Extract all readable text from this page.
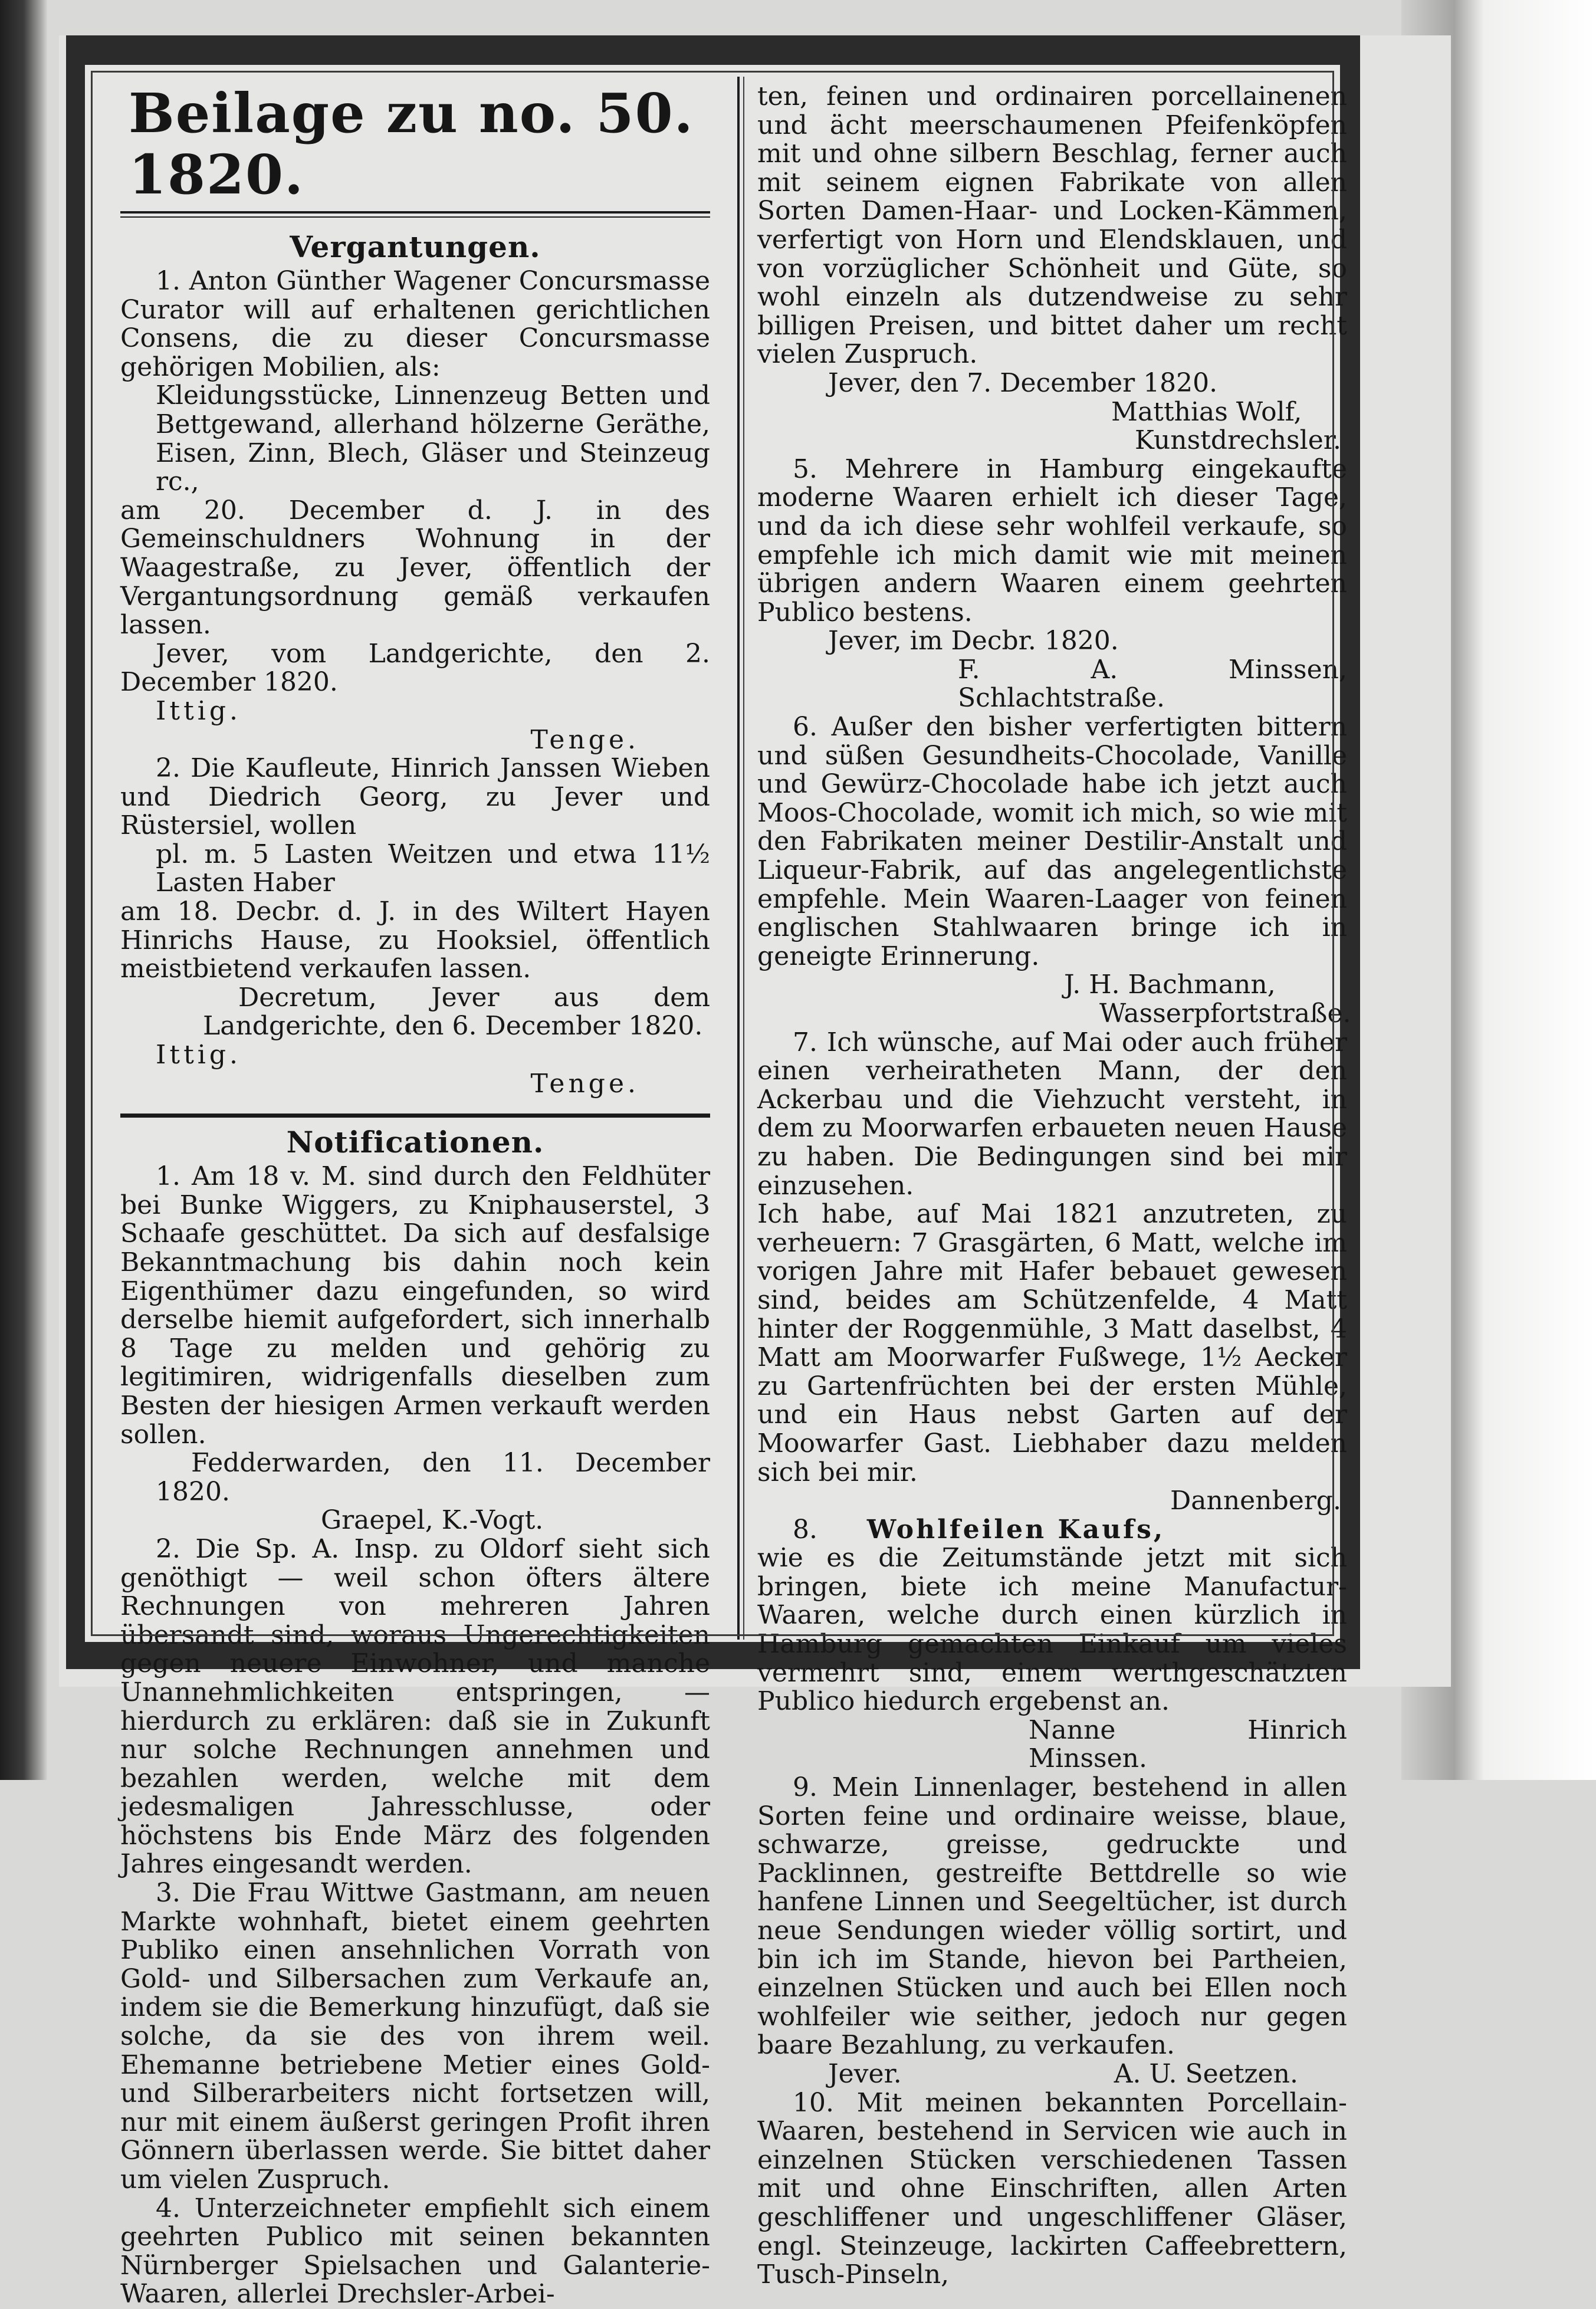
Beilage zu no. 50. 1820.
Vergantungen.

1. Anton Günther Wagener Concursmasse Curator will auf erhaltenen gerichtlichen Consens, die zu dieser Concursmasse gehörigen Mobilien, als:

Kleidungsstücke, Linnenzeug Betten und Bettgewand, allerhand hölzerne Geräthe, Eisen, Zinn, Blech, Gläser und Steinzeug rc.,

am 20. December d. J. in des Gemeinschuldners Wohnung in der Waagestraße, zu Jever, öffentlich der Vergantungsordnung gemäß verkaufen lassen.

Jever, vom Landgerichte, den 2. December 1820.

Ittig.

Tenge.

2. Die Kaufleute, Hinrich Janssen Wieben und Diedrich Georg, zu Jever und Rüstersiel, wollen

pl. m. 5 Lasten Weitzen und etwa 11½ Lasten Haber

am 18. Decbr. d. J. in des Wiltert Hayen Hinrichs Hause, zu Hooksiel, öffentlich meistbietend verkaufen lassen.

Decretum, Jever aus dem Landgerichte, den 6. December 1820.

Ittig.

Tenge.

Notificationen.

1. Am 18 v. M. sind durch den Feldhüter bei Bunke Wiggers, zu Kniphauserstel, 3 Schaafe geschüttet. Da sich auf desfalsige Bekanntmachung bis dahin noch kein Eigenthümer dazu eingefunden, so wird derselbe hiemit aufgefordert, sich innerhalb 8 Tage zu melden und gehörig zu legitimiren, widrigenfalls dieselben zum Besten der hiesigen Armen verkauft werden sollen.

Fedderwarden, den 11. December 1820.

Graepel, K.-Vogt.

2. Die Sp. A. Insp. zu Oldorf sieht sich genöthigt — weil schon öfters ältere Rechnungen von mehreren Jahren übersandt sind, woraus Ungerechtigkeiten gegen neuere Einwohner, und manche Unannehmlichkeiten entspringen, — hierdurch zu erklären: daß sie in Zukunft nur solche Rechnungen annehmen und bezahlen werden, welche mit dem jedesmaligen Jahresschlusse, oder höchstens bis Ende März des folgenden Jahres eingesandt werden.

3. Die Frau Wittwe Gastmann, am neuen Markte wohnhaft, bietet einem geehrten Publiko einen ansehnlichen Vorrath von Gold- und Silbersachen zum Verkaufe an, indem sie die Bemerkung hinzufügt, daß sie solche, da sie des von ihrem weil. Ehemanne betriebene Metier eines Gold- und Silberarbeiters nicht fortsetzen will, nur mit einem äußerst geringen Profit ihren Gönnern überlassen werde. Sie bittet daher um vielen Zuspruch.

4. Unterzeichneter empfiehlt sich einem geehrten Publico mit seinen bekannten Nürnberger Spielsachen und Galanterie-Waaren, allerlei Drechsler-Arbei-

ten, feinen und ordinairen porcellainenen und ächt meerschaumenen Pfeifenköpfen mit und ohne silbern Beschlag, ferner auch mit seinem eignen Fabrikate von allen Sorten Damen-Haar- und Locken-Kämmen, verfertigt von Horn und Elendsklauen, und von vorzüglicher Schönheit und Güte, so wohl einzeln als dutzendweise zu sehr billigen Preisen, und bittet daher um recht vielen Zuspruch.

Jever, den 7. December 1820.

Matthias Wolf,

Kunstdrechsler.

5. Mehrere in Hamburg eingekaufte moderne Waaren erhielt ich dieser Tage, und da ich diese sehr wohlfeil verkaufe, so empfehle ich mich damit wie mit meinen übrigen andern Waaren einem geehrten Publico bestens.

Jever, im Decbr. 1820.

F. A. Minssen, Schlachtstraße.

6. Außer den bisher verfertigten bittern und süßen Gesundheits-Chocolade, Vanille und Gewürz-Chocolade habe ich jetzt auch Moos-Chocolade, womit ich mich, so wie mit den Fabrikaten meiner Destilir-Anstalt und Liqueur-Fabrik, auf das angelegentlichste empfehle. Mein Waaren-Laager von feinen englischen Stahlwaaren bringe ich in geneigte Erinnerung.

J. H. Bachmann,

Wasserpfortstraße.

7. Ich wünsche, auf Mai oder auch früher einen verheiratheten Mann, der den Ackerbau und die Viehzucht versteht, in dem zu Moorwarfen erbaueten neuen Hause zu haben. Die Bedingungen sind bei mir einzusehen.

Ich habe, auf Mai 1821 anzutreten, zu verheuern: 7 Grasgärten, 6 Matt, welche im vorigen Jahre mit Hafer bebauet gewesen sind, beides am Schützenfelde, 4 Matt hinter der Roggenmühle, 3 Matt daselbst, 4 Matt am Moorwarfer Fußwege, 1½ Aecker zu Gartenfrüchten bei der ersten Mühle, und ein Haus nebst Garten auf der Moowarfer Gast. Liebhaber dazu melden sich bei mir.

Dannenberg.

8. Wohlfeilen Kaufs,

wie es die Zeitumstände jetzt mit sich bringen, biete ich meine Manufactur-Waaren, welche durch einen kürzlich in Hamburg gemachten Einkauf um vieles vermehrt sind, einem werthgeschätzten Publico hiedurch ergebenst an.

Nanne Hinrich Minssen.

9. Mein Linnenlager, bestehend in allen Sorten feine und ordinaire weisse, blaue, schwarze, greisse, gedruckte und Packlinnen, gestreifte Bettdrelle so wie hanfene Linnen und Seegeltücher, ist durch neue Sendungen wieder völlig sortirt, und bin ich im Stande, hievon bei Partheien, einzelnen Stücken und auch bei Ellen noch wohlfeiler wie seither, jedoch nur gegen baare Bezahlung, zu verkaufen.

Jever.	A. U. Seetzen.

10. Mit meinen bekannten Porcellain-Waaren, bestehend in Servicen wie auch in einzelnen Stücken verschiedenen Tassen mit und ohne Einschriften, allen Arten geschliffener und ungeschliffener Gläser, engl. Steinzeuge, lackirten Caffeebrettern, Tusch-Pinseln,
